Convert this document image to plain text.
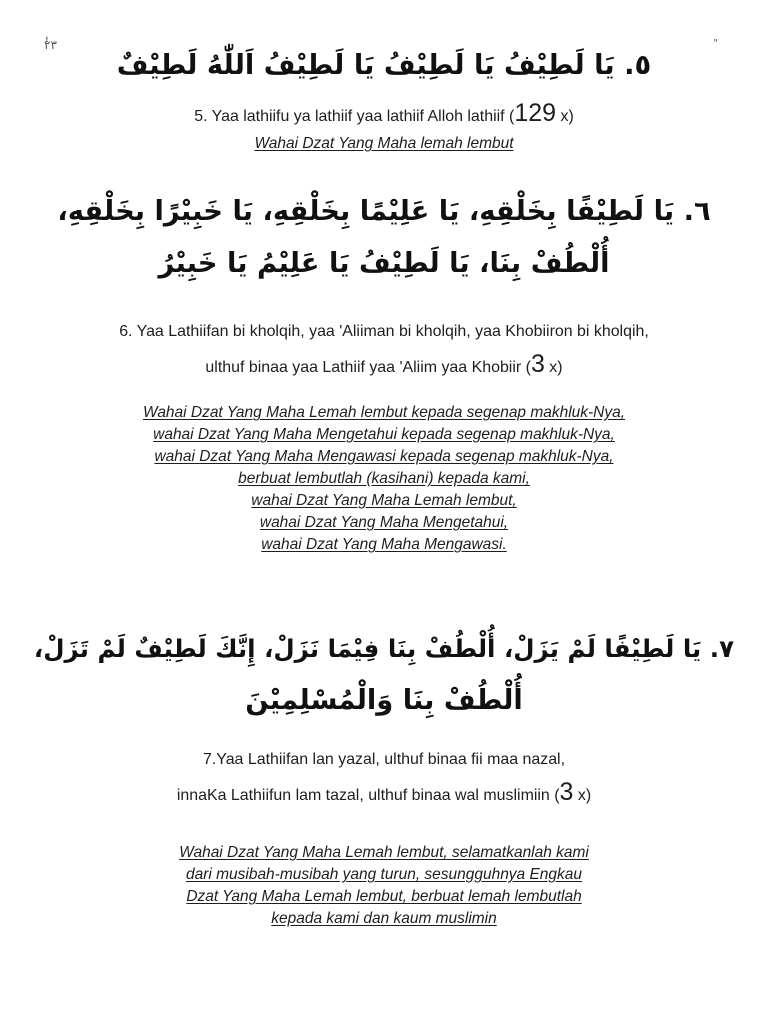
ٔٔ٢٣	"
٥. يَا لَطِيْفُ يَا لَطِيْفُ يَا لَطِيْفُ اَللّٰهُ لَطِيْفٌ
5. Yaa lathiifu ya lathiif yaa lathiif Alloh lathiif (129 x)
Wahai Dzat Yang Maha lemah lembut
٦. يَا لَطِيْفًا بِخَلْقِهِ، يَا عَلِيْمًا بِخَلْقِهِ، يَا خَبِيْرًا بِخَلْقِهِ،
أُلْطُفْ بِنَا، يَا لَطِيْفُ يَا عَلِيْمُ يَا خَبِيْرُ
6. Yaa Lathiifan bi kholqih, yaa 'Aliiman bi kholqih, yaa Khobiiron bi kholqih,
ulthuf binaa yaa Lathiif yaa 'Aliim yaa Khobiir (3 x)
Wahai Dzat Yang Maha Lemah lembut kepada segenap makhluk-Nya,
wahai Dzat Yang Maha Mengetahui kepada segenap makhluk-Nya,
wahai Dzat Yang Maha Mengawasi kepada segenap makhluk-Nya,
berbuat lembutlah (kasihani) kepada kami,
wahai Dzat Yang Maha Lemah lembut,
wahai Dzat Yang Maha Mengetahui,
wahai Dzat Yang Maha Mengawasi.
٧. يَا لَطِيْفًا لَمْ يَزَلْ، أُلْطُفْ بِنَا فِيْمَا نَزَلْ، إِنَّكَ لَطِيْفٌ لَمْ تَزَلْ،
أُلْطُفْ بِنَا وَالْمُسْلِمِيْنَ
7.Yaa Lathiifan lan yazal, ulthuf binaa fii maa nazal,
innaKa Lathiifun lam tazal, ulthuf binaa wal muslimiin (3 x)
Wahai Dzat Yang Maha Lemah lembut, selamatkanlah kami
dari musibah-musibah yang turun, sesungguhnya Engkau
Dzat Yang Maha Lemah lembut, berbuat lemah lembutlah
kepada kami dan kaum muslimin
